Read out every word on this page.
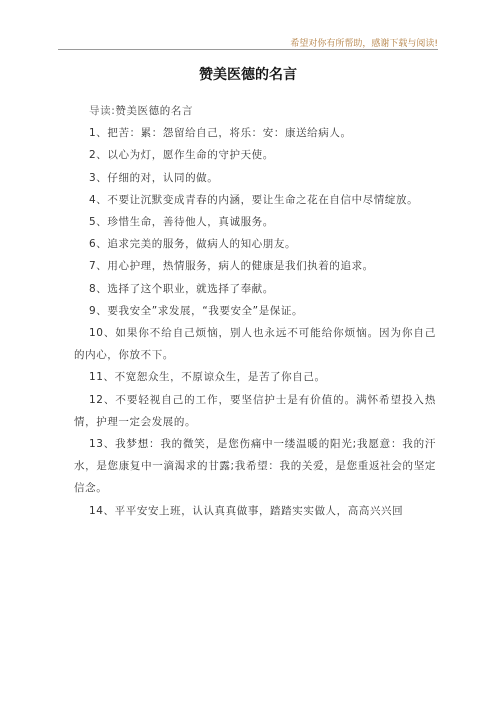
希望对你有所帮助，感谢下载与阅读!
赞美医德的名言

导读:赞美医德的名言

1、把苦：累：怨留给自己，将乐：安：康送给病人。

2、以心为灯，愿作生命的守护天使。

3、仔细的对，认同的做。

4、不要让沉默变成青春的内涵，要让生命之花在自信中尽情绽放。

5、珍惜生命，善待他人，真诚服务。

6、追求完美的服务，做病人的知心朋友。

7、用心护理，热情服务，病人的健康是我们执着的追求。

8、选择了这个职业，就选择了奉献。

9、要我安全”求发展，“我要安全”是保证。

10、如果你不给自己烦恼，别人也永远不可能给你烦恼。因为你自己的内心，你放不下。

11、不宽恕众生，不原谅众生，是苦了你自己。

12、不要轻视自己的工作，要坚信护士是有价值的。满怀希望投入热情，护理一定会发展的。

13、我梦想：我的微笑，是您伤痛中一缕温暖的阳光;我愿意：我的汗水，是您康复中一滴渴求的甘露;我希望：我的关爱，是您重返社会的坚定信念。

14、平平安安上班，认认真真做事，踏踏实实做人，高高兴兴回
